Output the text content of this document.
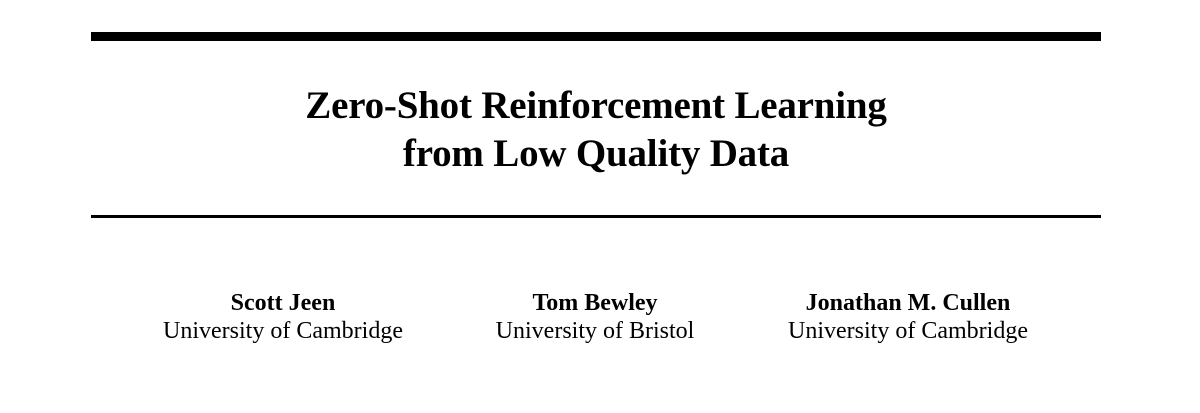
Zero-Shot Reinforcement Learning
from Low Quality Data
Scott Jeen
University of Cambridge
Tom Bewley
University of Bristol
Jonathan M. Cullen
University of Cambridge
